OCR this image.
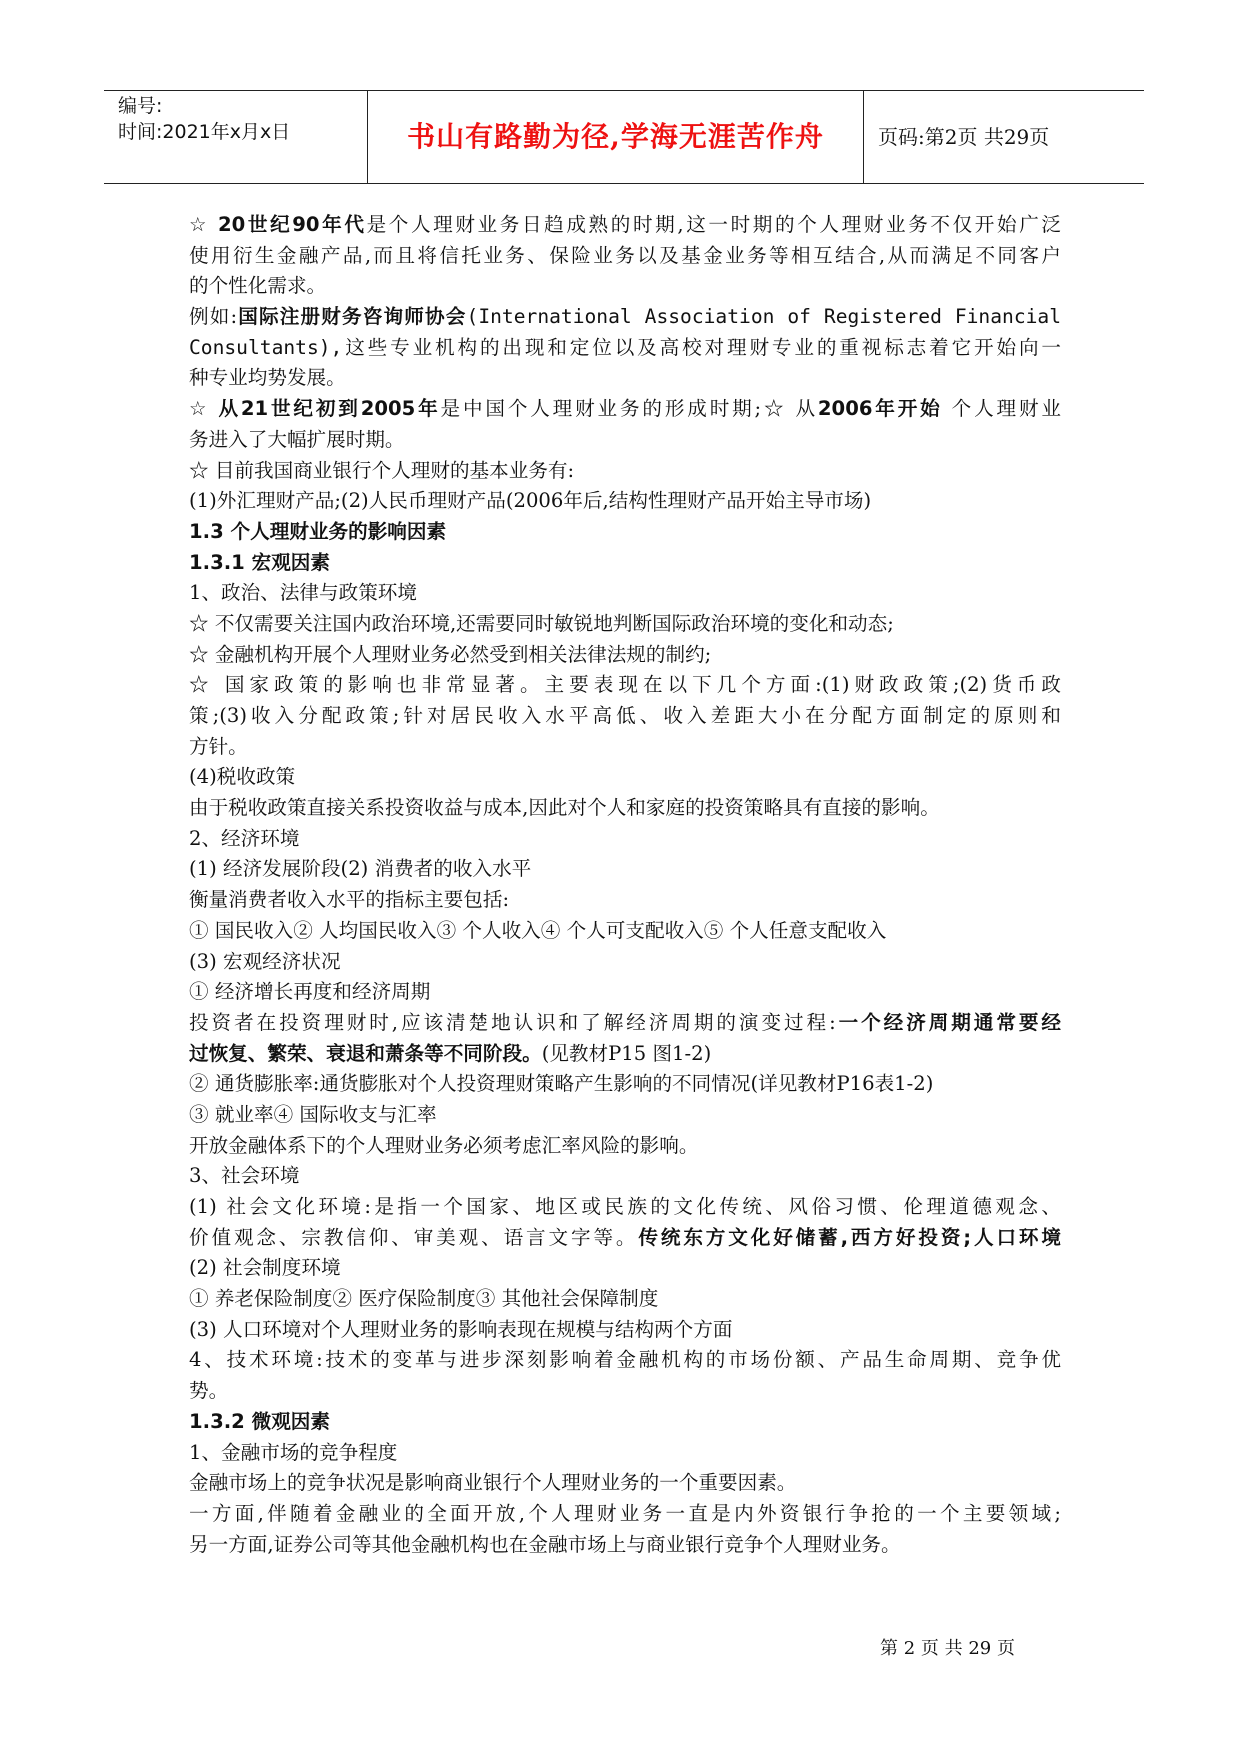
编号:
时间:2021年x月x日	书山有路勤为径,学海无涯苦作舟	页码:第2页 共29页
☆ 20世纪90年代是个人理财业务日趋成熟的时期,这一时期的个人理财业务不仅开始广泛
使用衍生金融产品,而且将信托业务、保险业务以及基金业务等相互结合,从而满足不同客户
的个性化需求。
例如:国际注册财务咨询师协会(International Association of Registered Financial
Consultants),这些专业机构的出现和定位以及高校对理财专业的重视标志着它开始向一
种专业均势发展。
☆ 从21世纪初到2005年是中国个人理财业务的形成时期;☆ 从2006年开始 个人理财业
务进入了大幅扩展时期。
☆ 目前我国商业银行个人理财的基本业务有:
(1)外汇理财产品;(2)人民币理财产品(2006年后,结构性理财产品开始主导市场)
1.3 个人理财业务的影响因素
1.3.1 宏观因素
1、政治、法律与政策环境
☆ 不仅需要关注国内政治环境,还需要同时敏锐地判断国际政治环境的变化和动态;
☆ 金融机构开展个人理财业务必然受到相关法律法规的制约;
☆ 国家政策的影响也非常显著。主要表现在以下几个方面:(1)财政政策;(2)货币政
策;(3)收入分配政策;针对居民收入水平高低、收入差距大小在分配方面制定的原则和
方针。
(4)税收政策
由于税收政策直接关系投资收益与成本,因此对个人和家庭的投资策略具有直接的影响。
2、经济环境
(1) 经济发展阶段(2) 消费者的收入水平
衡量消费者收入水平的指标主要包括:
① 国民收入② 人均国民收入③ 个人收入④ 个人可支配收入⑤ 个人任意支配收入
(3) 宏观经济状况
① 经济增长再度和经济周期
投资者在投资理财时,应该清楚地认识和了解经济周期的演变过程:一个经济周期通常要经
过恢复、繁荣、衰退和萧条等不同阶段。(见教材P15 图1-2)
② 通货膨胀率:通货膨胀对个人投资理财策略产生影响的不同情况(详见教材P16表1-2)
③ 就业率④ 国际收支与汇率
开放金融体系下的个人理财业务必须考虑汇率风险的影响。
3、社会环境
(1) 社会文化环境:是指一个国家、地区或民族的文化传统、风俗习惯、伦理道德观念、
价值观念、宗教信仰、审美观、语言文字等。传统东方文化好储蓄,西方好投资;人口环境
(2) 社会制度环境
① 养老保险制度② 医疗保险制度③ 其他社会保障制度
(3) 人口环境对个人理财业务的影响表现在规模与结构两个方面
4、技术环境:技术的变革与进步深刻影响着金融机构的市场份额、产品生命周期、竞争优
势。
1.3.2 微观因素
1、金融市场的竞争程度
金融市场上的竞争状况是影响商业银行个人理财业务的一个重要因素。
一方面,伴随着金融业的全面开放,个人理财业务一直是内外资银行争抢的一个主要领域;
另一方面,证券公司等其他金融机构也在金融市场上与商业银行竞争个人理财业务。
第 2 页 共 29 页
